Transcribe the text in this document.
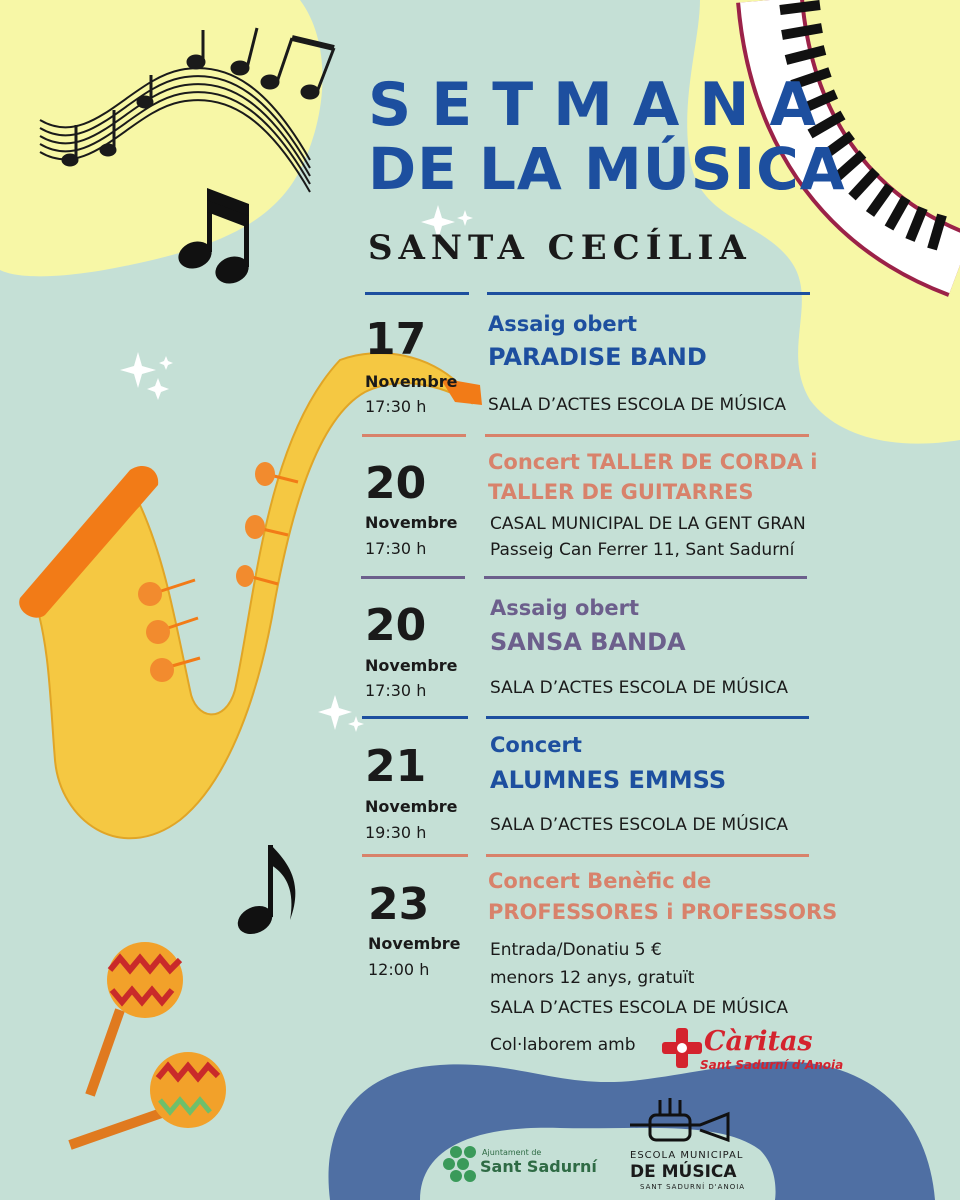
SETMANA
DE LA MÚSICA
SANTA CECÍLIA
17
Novembre
17:30 h
Assaig obert
PARADISE BAND
SALA D’ACTES ESCOLA DE MÚSICA
20
Novembre
17:30 h
Concert TALLER DE CORDA i
TALLER DE GUITARRES
CASAL MUNICIPAL DE LA GENT GRAN
Passeig Can Ferrer 11, Sant Sadurní
20
Novembre
17:30 h
Assaig obert
SANSA BANDA
SALA D’ACTES ESCOLA DE MÚSICA
21
Novembre
19:30 h
Concert
ALUMNES EMMSS
SALA D’ACTES ESCOLA DE MÚSICA
23
Novembre
12:00 h
Concert Benèfic de
PROFESSORES i PROFESSORS
Entrada/Donatiu 5 €
menors 12 anys, gratuït
SALA D’ACTES ESCOLA DE MÚSICA
Col·laborem amb	Càritas
Sant Sadurní d’Anoia
Ajuntament de
Sant Sadurní
ESCOLA MUNICIPAL
DE MÚSICA
SANT SADURNÍ D'ANOIA
